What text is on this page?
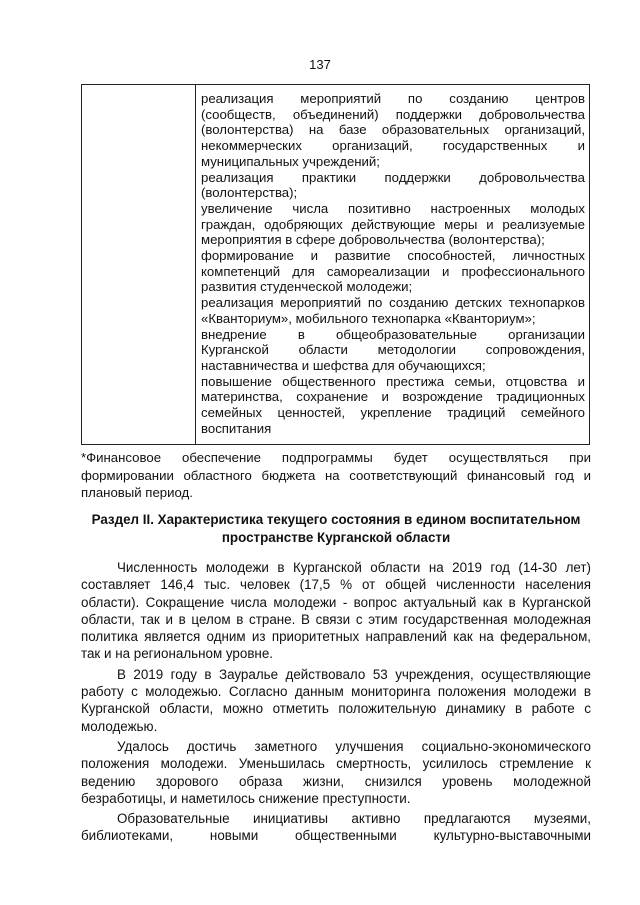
137
реализация мероприятий по созданию центров
(сообществ, объединений) поддержки добровольчества
(волонтерства) на базе образовательных организаций,
некоммерческих организаций, государственных и
муниципальных учреждений;
реализация практики поддержки добровольчества
(волонтерства);
увеличение числа позитивно настроенных молодых
граждан, одобряющих действующие меры и реализуемые
мероприятия в сфере добровольчества (волонтерства);
формирование и развитие способностей, личностных
компетенций для самореализации и профессионального
развития студенческой молодежи;
реализация мероприятий по созданию детских технопарков
«Кванториум», мобильного технопарка «Кванториум»;
внедрение в общеобразовательные организации
Курганской области методологии сопровождения,
наставничества и шефства для обучающихся;
повышение общественного престижа семьи, отцовства и
материнства, сохранение и возрождение традиционных
семейных ценностей, укрепление традиций семейного
воспитания
*Финансовое обеспечение подпрограммы будет осуществляться при
формировании областного бюджета на соответствующий финансовый год и
плановый период.
Раздел II. Характеристика текущего состояния в едином воспитательном
пространстве Курганской области
Численность молодежи в Курганской области на 2019 год (14-30 лет)
составляет 146,4 тыс. человек (17,5 % от общей численности населения
области). Сокращение числа молодежи - вопрос актуальный как в Курганской
области, так и в целом в стране. В связи с этим государственная молодежная
политика является одним из приоритетных направлений как на федеральном,
так и на региональном уровне.
В 2019 году в Зауралье действовало 53 учреждения, осуществляющие
работу с молодежью. Согласно данным мониторинга положения молодежи в
Курганской области, можно отметить положительную динамику в работе с
молодежью.
Удалось достичь заметного улучшения социально-экономического
положения молодежи. Уменьшилась смертность, усилилось стремление к
ведению здорового образа жизни, снизился уровень молодежной
безработицы, и наметилось снижение преступности.
Образовательные инициативы активно предлагаются музеями,
библиотеками, новыми общественными культурно-выставочными
